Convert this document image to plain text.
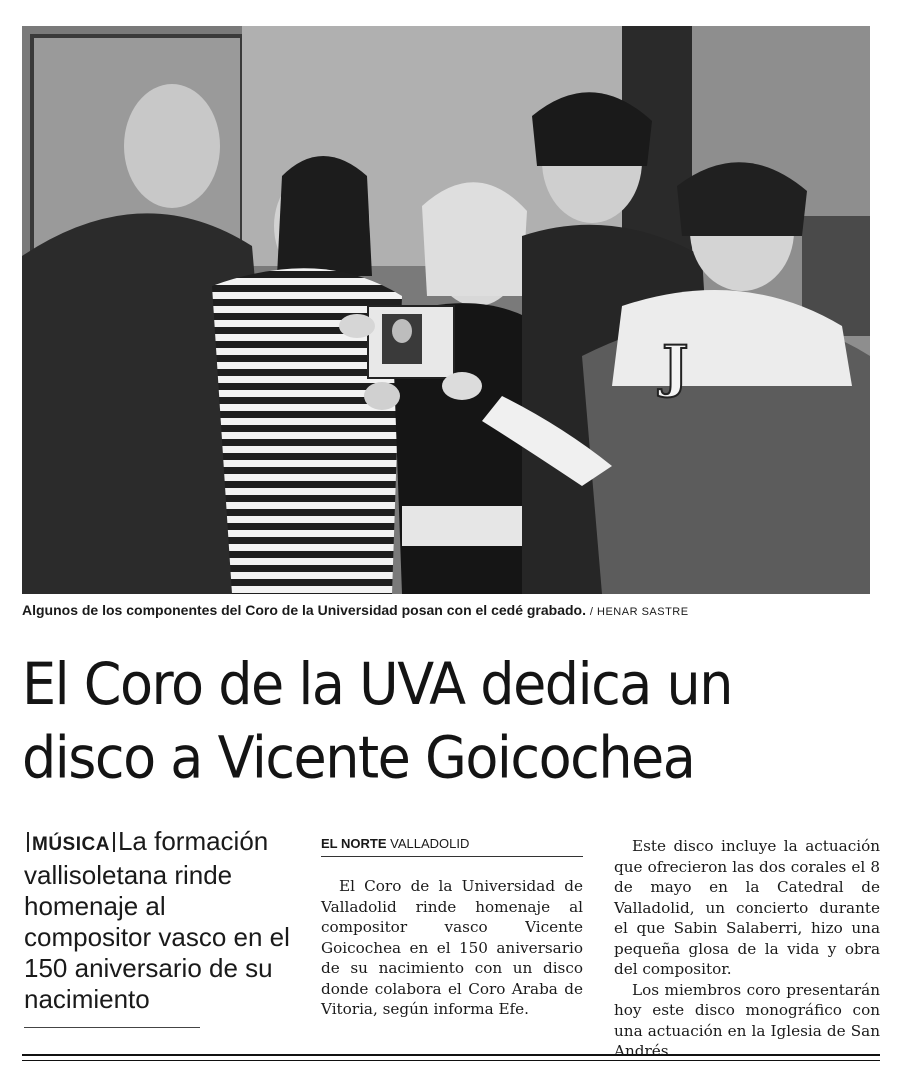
J
Algunos de los componentes del Coro de la Universidad posan con el cedé grabado. / HENAR SASTRE
El Coro de la UVA dedica un
disco a Vicente Goicochea
MÚSICA La formación vallisoletana rinde homenaje al compositor vasco en el 150 aniversario de su nacimiento
EL NORTE VALLADOLID

El Coro de la Universidad de Valladolid rinde homenaje al compositor vasco Vicente Goicochea en el 150 aniversario de su nacimiento con un disco donde colabora el Coro Araba de Vitoria, según informa Efe.

Este disco incluye la actuación que ofrecieron las dos corales el 8 de mayo en la Catedral de Valladolid, un concierto durante el que Sabin Salaberri, hizo una pequeña glosa de la vida y obra del compositor.

Los miembros coro presentarán hoy este disco monográfico con una actuación en la Iglesia de San Andrés.
